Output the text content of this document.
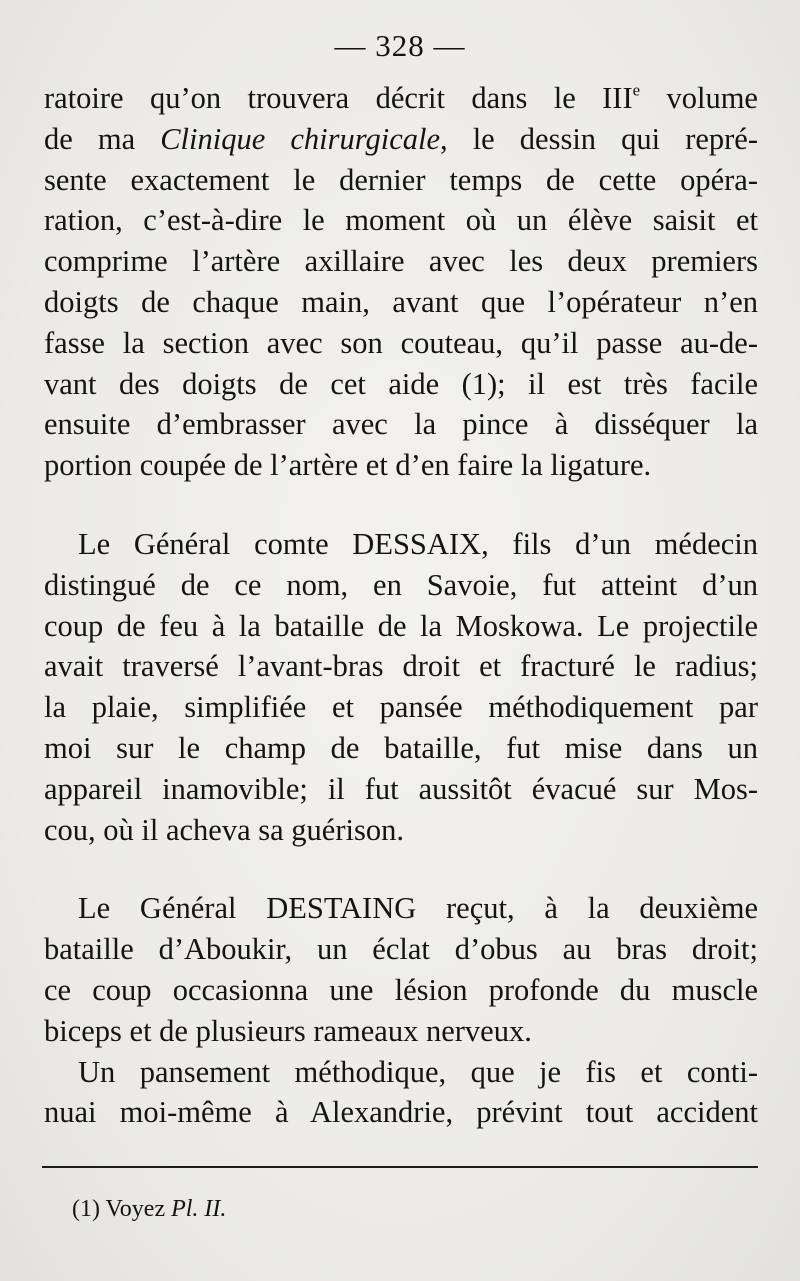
— 328 —

ratoire qu’on trouvera décrit dans le IIIe volume
de ma Clinique chirurgicale, le dessin qui repré-
sente exactement le dernier temps de cette opéra-
ration, c’est-à-dire le moment où un élève saisit et
comprime l’artère axillaire avec les deux premiers
doigts de chaque main, avant que l’opérateur n’en
fasse la section avec son couteau, qu’il passe au-de-
vant des doigts de cet aide (1); il est très facile
ensuite d’embrasser avec la pince à disséquer la
portion coupée de l’artère et d’en faire la ligature.

Le Général comte DESSAIX, fils d’un médecin
distingué de ce nom, en Savoie, fut atteint d’un
coup de feu à la bataille de la Moskowa. Le projectile
avait traversé l’avant-bras droit et fracturé le radius;
la plaie, simplifiée et pansée méthodiquement par
moi sur le champ de bataille, fut mise dans un
appareil inamovible; il fut aussitôt évacué sur Mos-
cou, où il acheva sa guérison.

Le Général DESTAING reçut, à la deuxième
bataille d’Aboukir, un éclat d’obus au bras droit;
ce coup occasionna une lésion profonde du muscle
biceps et de plusieurs rameaux nerveux.

Un pansement méthodique, que je fis et conti-
nuai moi-même à Alexandrie, prévint tout accident

(1) Voyez Pl. II.
